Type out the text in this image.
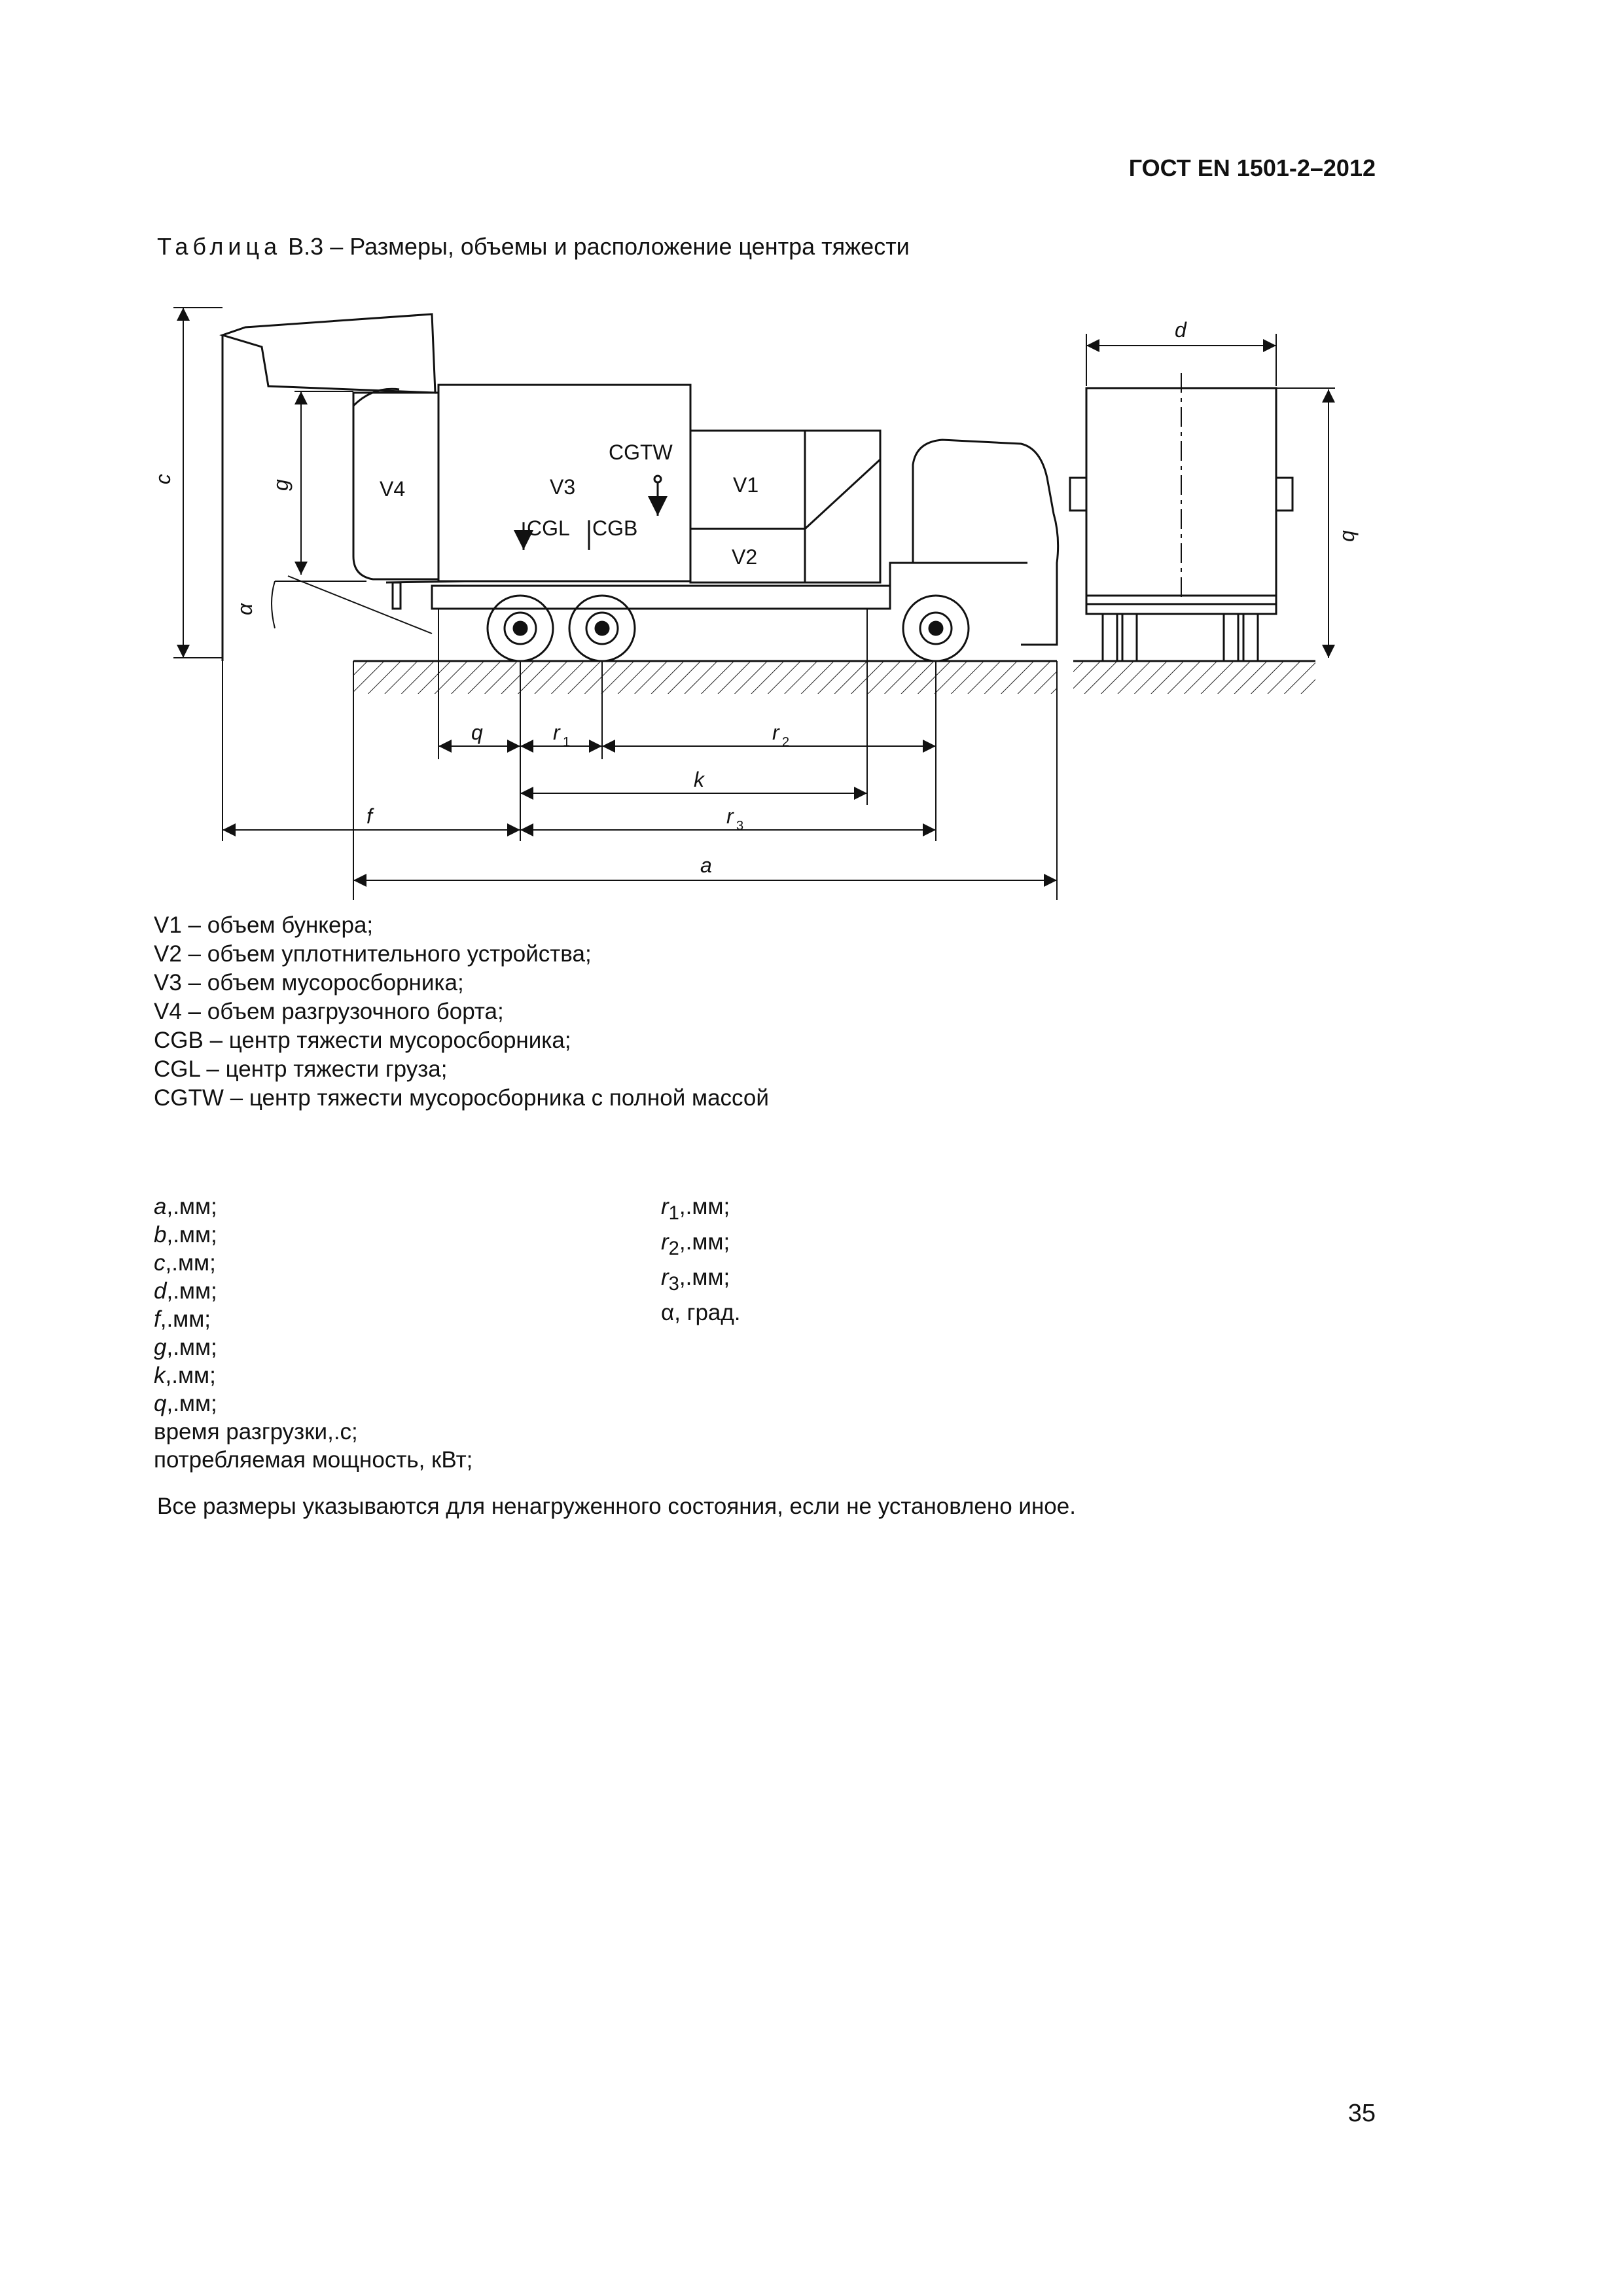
ГОСТ EN 1501-2–2012
Таблица В.3 – Размеры, объемы и расположение центра тяжести
V4	V3	V1
V2
CGTW
CGL CGB
c
g
α
d
b
q	r 1	r 2
k
f	r 3
a
V1 – объем бункера;
V2 – объем уплотнительного устройства;
V3 – объем мусоросборника;
V4 – объем разгрузочного борта;
CGB – центр тяжести мусоросборника;
CGL – центр тяжести груза;
CGTW – центр тяжести мусоросборника с полной массой
a,.мм;
b,.мм;
c,.мм;
d,.мм;
f,.мм;
g,.мм;
k,.мм;
q,.мм;
время разгрузки,.с;
потребляемая мощность, кВт;
$r_1,.мм$;
$r_2,.мм$;
$r_3,.мм$;
α, град.
Все размеры указываются для ненагруженного состояния, если не установлено иное.
35
